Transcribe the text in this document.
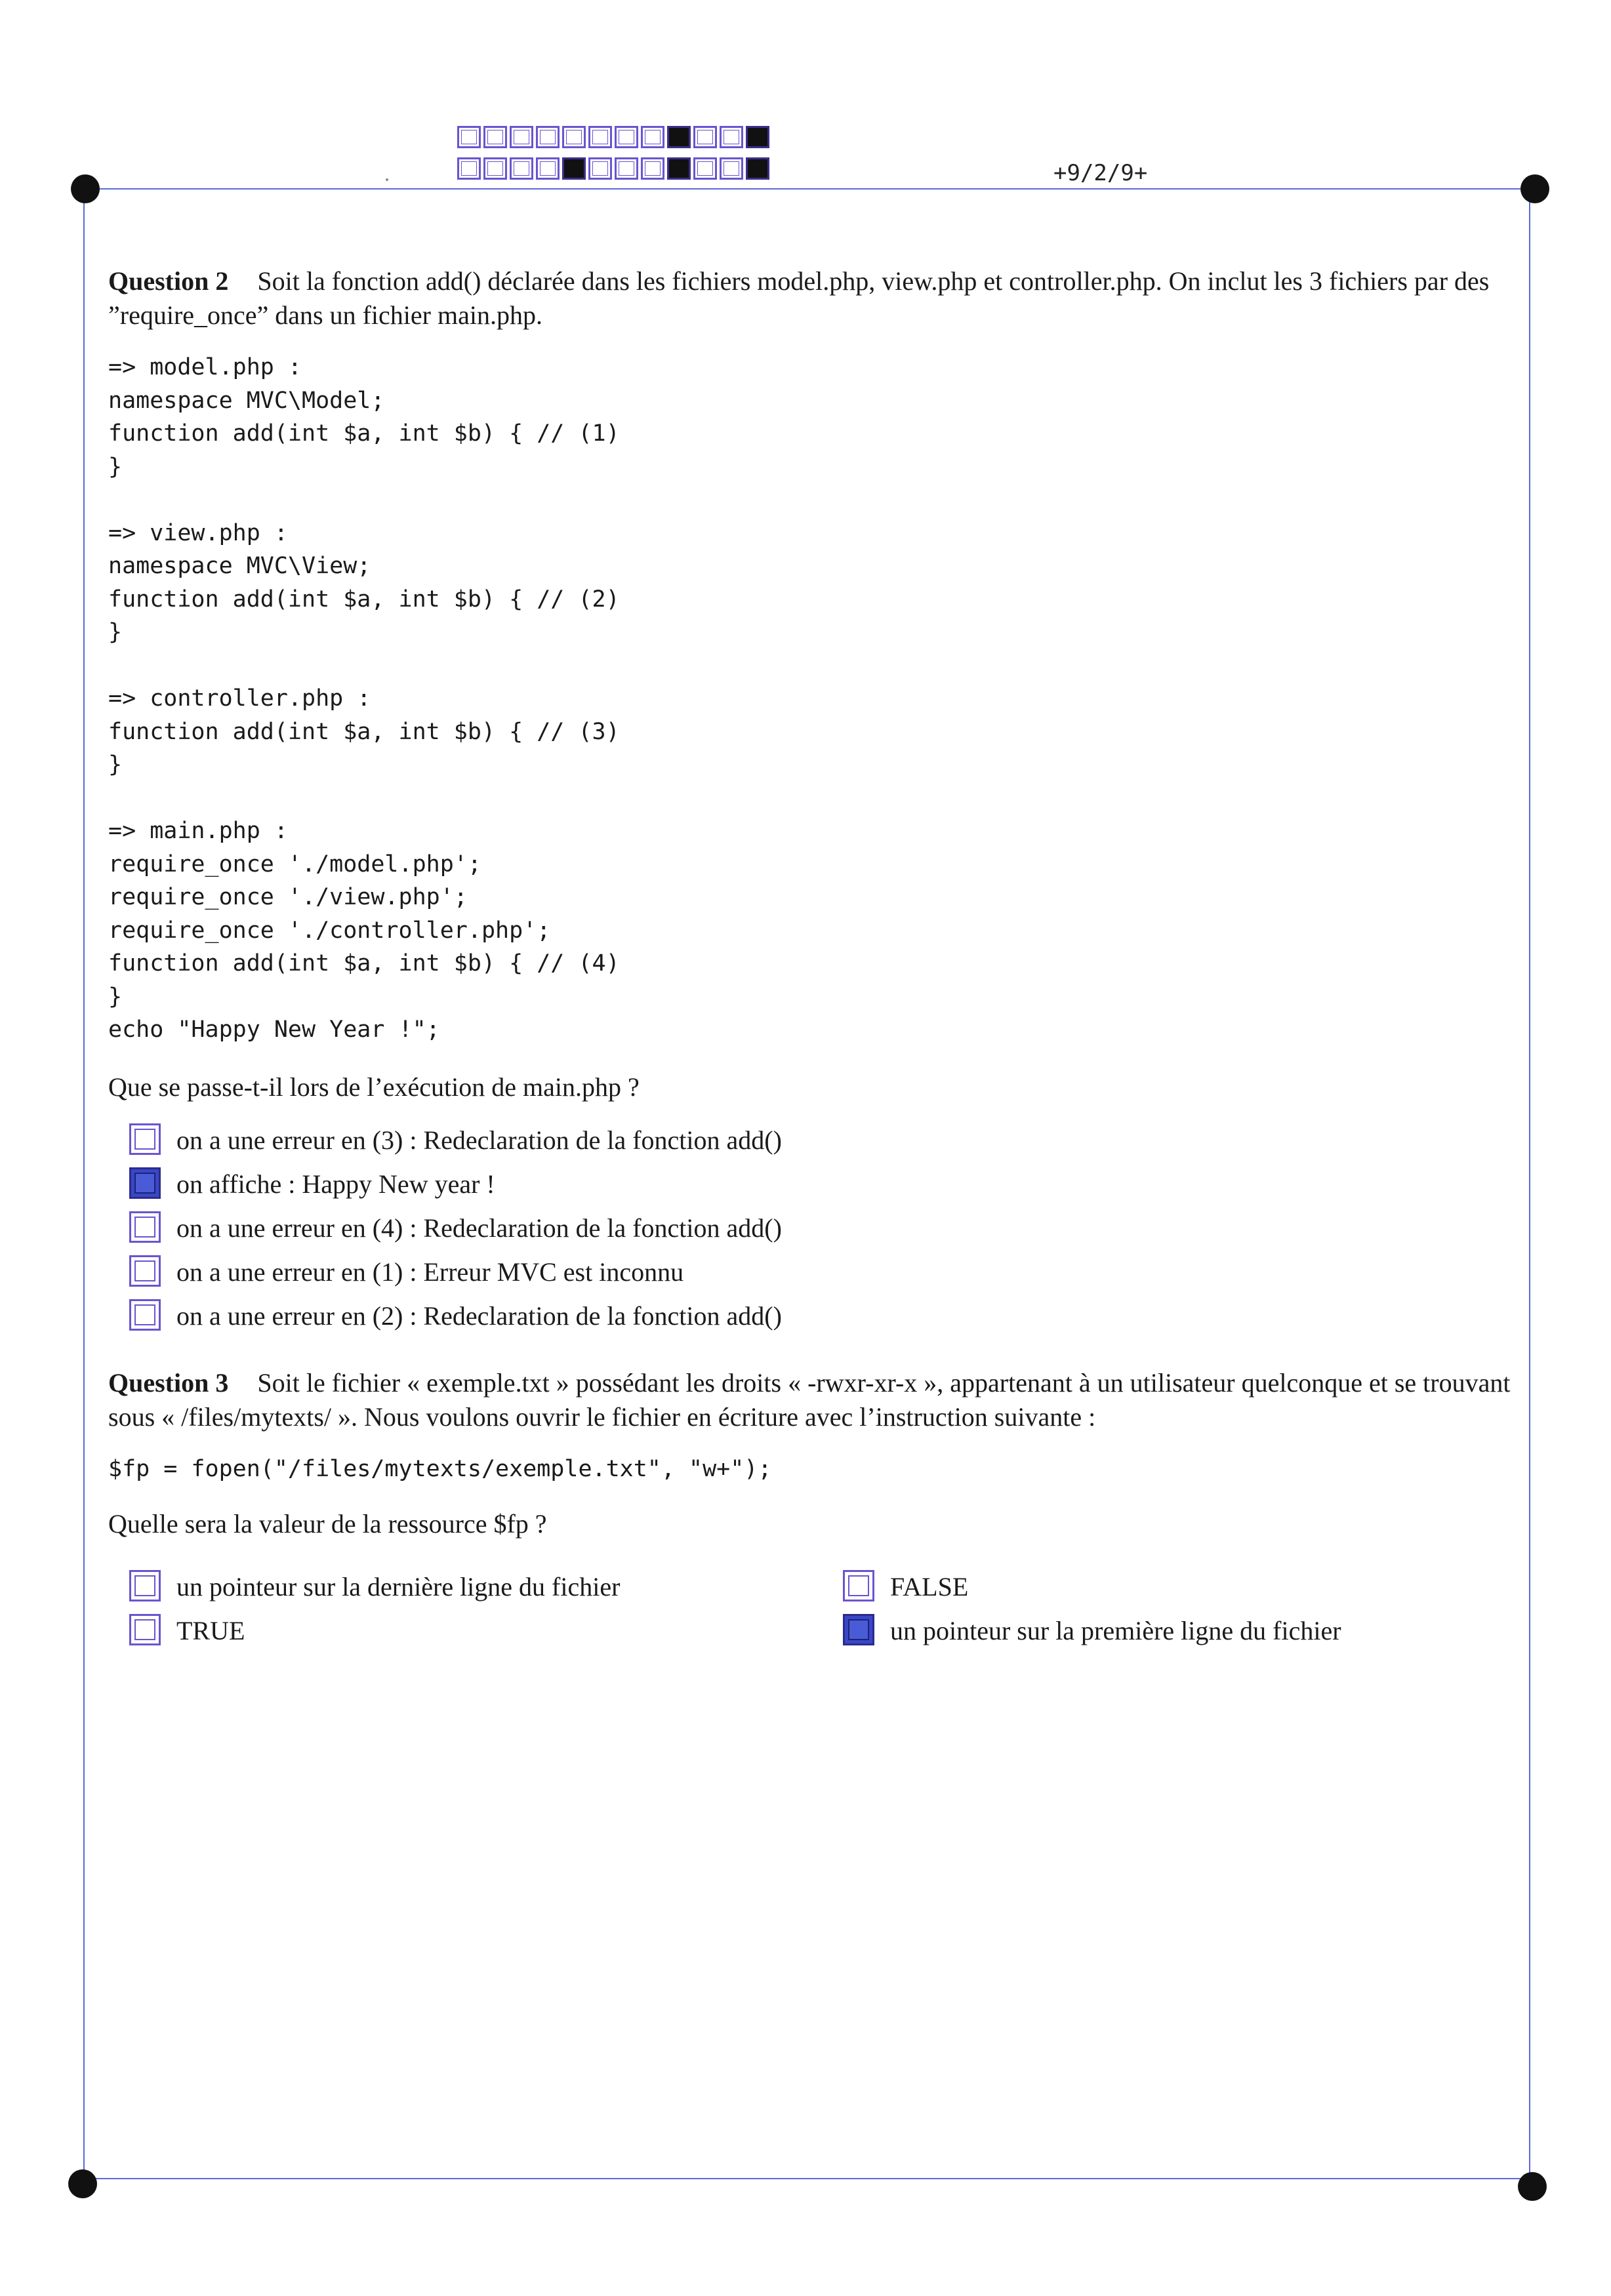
+9/2/9+
Question 2 Soit la fonction add() déclarée dans les fichiers model.php, view.php et controller.php. On inclut les 3 fichiers par des ”require_once” dans un fichier main.php.
=> model.php :
namespace MVC\Model;
function add(int $a, int $b) { // (1)
}

=> view.php :
namespace MVC\View;
function add(int $a, int $b) { // (2)
}

=> controller.php :
function add(int $a, int $b) { // (3)
}

=> main.php :
require_once './model.php';
require_once './view.php';
require_once './controller.php';
function add(int $a, int $b) { // (4)
}
echo "Happy New Year !";
Que se passe-t-il lors de l’exécution de main.php ?
on a une erreur en (3) : Redeclaration de la fonction add()
on affiche : Happy New year !
on a une erreur en (4) : Redeclaration de la fonction add()
on a une erreur en (1) : Erreur MVC est inconnu
on a une erreur en (2) : Redeclaration de la fonction add()
Question 3 Soit le fichier « exemple.txt » possédant les droits « -rwxr-xr-x », appartenant à un utilisateur quelconque et se trouvant sous « /files/mytexts/ ». Nous voulons ouvrir le fichier en écriture avec l’instruction suivante :
$fp = fopen("/files/mytexts/exemple.txt", "w+");
Quelle sera la valeur de la ressource $fp ?
un pointeur sur la dernière ligne du fichier
TRUE
FALSE
un pointeur sur la première ligne du fichier
